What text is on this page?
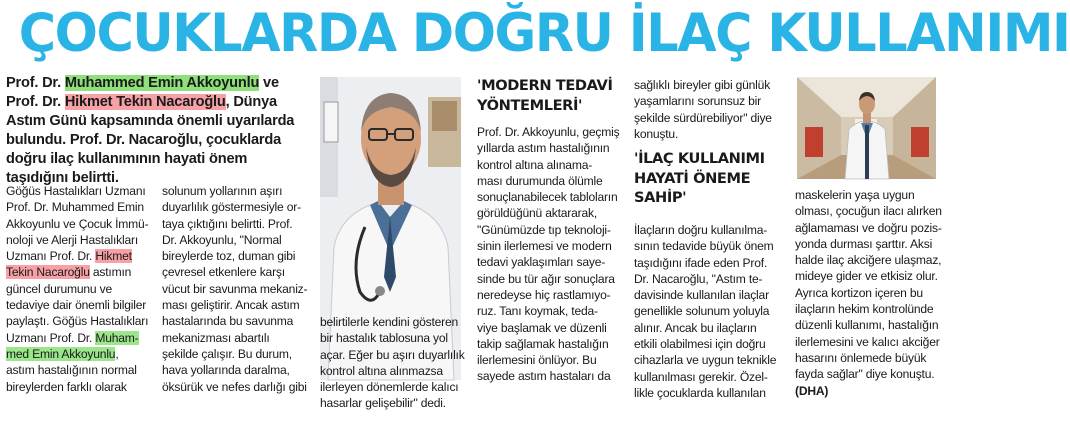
ÇOCUKLARDA DOĞRU İLAÇ KULLANIMI
Prof. Dr. Muhammed Emin Akkoyunlu ve Prof. Dr. Hikmet Tekin Nacaroğlu, Dünya Astım Günü kapsamında önemli uyarılarda bulundu. Prof. Dr. Nacaroğlu, çocuklarda doğru ilaç kullanımının hayati önem taşıdığını belirtti.
Göğüs Hastalıkları Uzmanı
Prof. Dr. Muhammed Emin
Akkoyunlu ve Çocuk İmmü-
noloji ve Alerji Hastalıkları
Uzmanı Prof. Dr. Hikmet
Tekin Nacaroğlu astımın
güncel durumunu ve
tedaviye dair önemli bilgiler
paylaştı. Göğüs Hastalıkları
Uzmanı Prof. Dr. Muham-
med Emin Akkoyunlu,
astım hastalığının normal
bireylerden farklı olarak
solunum yollarının aşırı
duyarlılık göstermesiyle or-
taya çıktığını belirtti. Prof.
Dr. Akkoyunlu, "Normal
bireylerde toz, duman gibi
çevresel etkenlere karşı
vücut bir savunma mekaniz-
ması geliştirir. Ancak astım
hastalarında bu savunma
mekanizması abartılı
şekilde çalışır. Bu durum,
hava yollarında daralma,
öksürük ve nefes darlığı gibi
belirtilerle kendini gösteren
bir hastalık tablosuna yol
açar. Eğer bu aşırı duyarlılık
kontrol altına alınmazsa
ilerleyen dönemlerde kalıcı
hasarlar gelişebilir" dedi.
'MODERN TEDAVİ
YÖNTEMLERİ'
Prof. Dr. Akkoyunlu, geçmiş
yıllarda astım hastalığının
kontrol altına alınama-
ması durumunda ölümle
sonuçlanabilecek tabloların
görüldüğünü aktararak,
"Günümüzde tıp teknoloji-
sinin ilerlemesi ve modern
tedavi yaklaşımları saye-
sinde bu tür ağır sonuçlara
neredeyse hiç rastlamıyo-
ruz. Tanı koymak, teda-
viye başlamak ve düzenli
takip sağlamak hastalığın
ilerlemesini önlüyor. Bu
sayede astım hastaları da
sağlıklı bireyler gibi günlük
yaşamlarını sorunsuz bir
şekilde sürdürebiliyor" diye
konuştu.
'İLAÇ KULLANIMI
HAYATİ ÖNEME
SAHİP'
İlaçların doğru kullanılma-
sının tedavide büyük önem
taşıdığını ifade eden Prof.
Dr. Nacaroğlu, "Astım te-
davisinde kullanılan ilaçlar
genellikle solunum yoluyla
alınır. Ancak bu ilaçların
etkili olabilmesi için doğru
cihazlarla ve uygun teknikle
kullanılması gerekir. Özel-
likle çocuklarda kullanılan
maskelerin yaşa uygun
olması, çocuğun ilacı alırken
ağlamaması ve doğru pozis-
yonda durması şarttır. Aksi
halde ilaç akciğere ulaşmaz,
mideye gider ve etkisiz olur.
Ayrıca kortizon içeren bu
ilaçların hekim kontrolünde
düzenli kullanımı, hastalığın
ilerlemesini ve kalıcı akciğer
hasarını önlemede büyük
fayda sağlar" diye konuştu.
(DHA)
